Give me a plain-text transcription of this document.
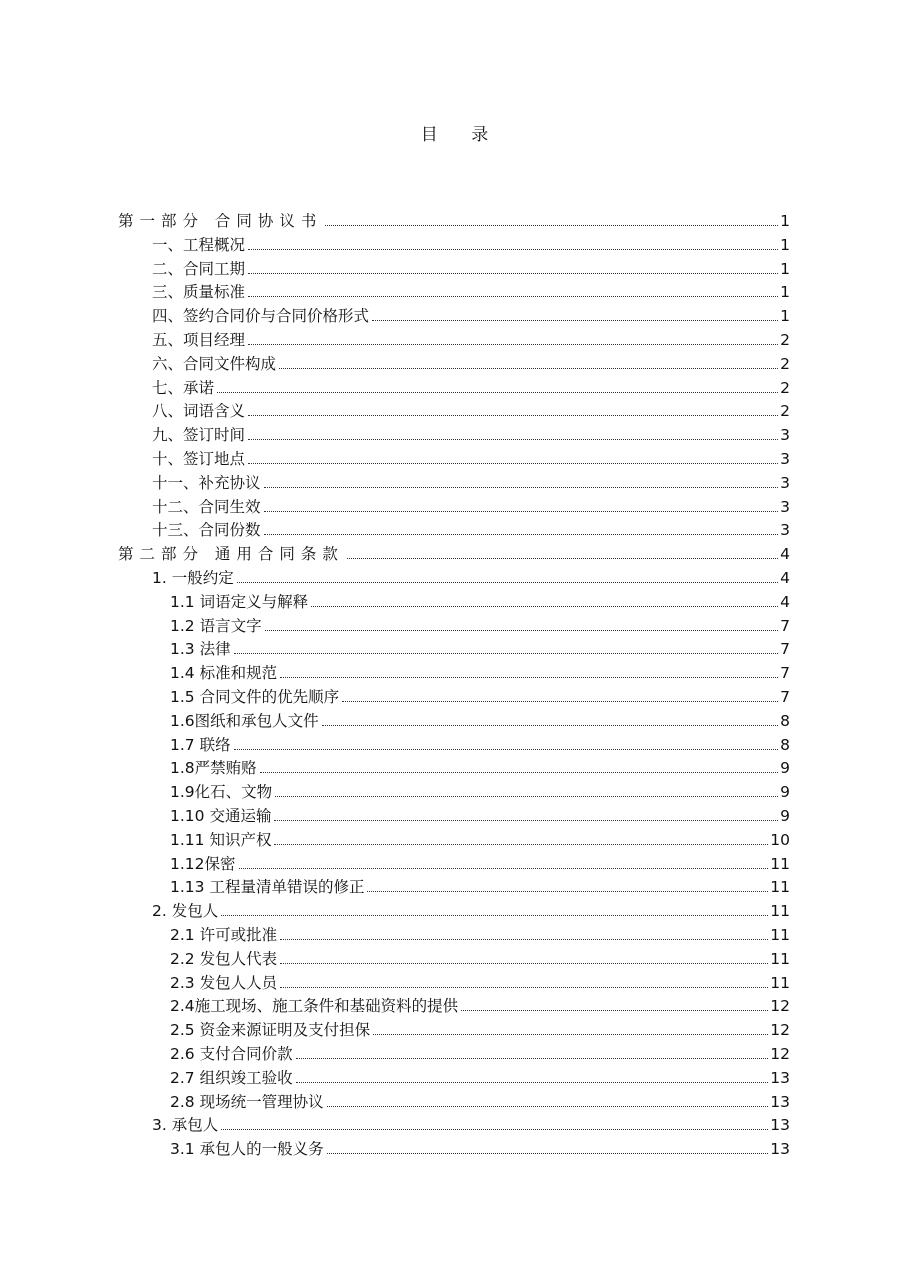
目 录
第一部分 合同协议书	1
一、工程概况	1
二、合同工期	1
三、质量标准	1
四、签约合同价与合同价格形式	1
五、项目经理	2
六、合同文件构成	2
七、承诺	2
八、词语含义	2
九、签订时间	3
十、签订地点	3
十一、补充协议	3
十二、合同生效	3
十三、合同份数	3
第二部分 通用合同条款	4
1. 一般约定	4
1.1 词语定义与解释	4
1.2 语言文字	7
1.3 法律	7
1.4 标准和规范	7
1.5 合同文件的优先顺序	7
1.6图纸和承包人文件	8
1.7 联络	8
1.8严禁贿赂	9
1.9化石、文物	9
1.10 交通运输	9
1.11 知识产权	10
1.12保密	11
1.13 工程量清单错误的修正	11
2. 发包人	11
2.1 许可或批准	11
2.2 发包人代表	11
2.3 发包人人员	11
2.4施工现场、施工条件和基础资料的提供	12
2.5 资金来源证明及支付担保	12
2.6 支付合同价款	12
2.7 组织竣工验收	13
2.8 现场统一管理协议	13
3. 承包人	13
3.1 承包人的一般义务	13
